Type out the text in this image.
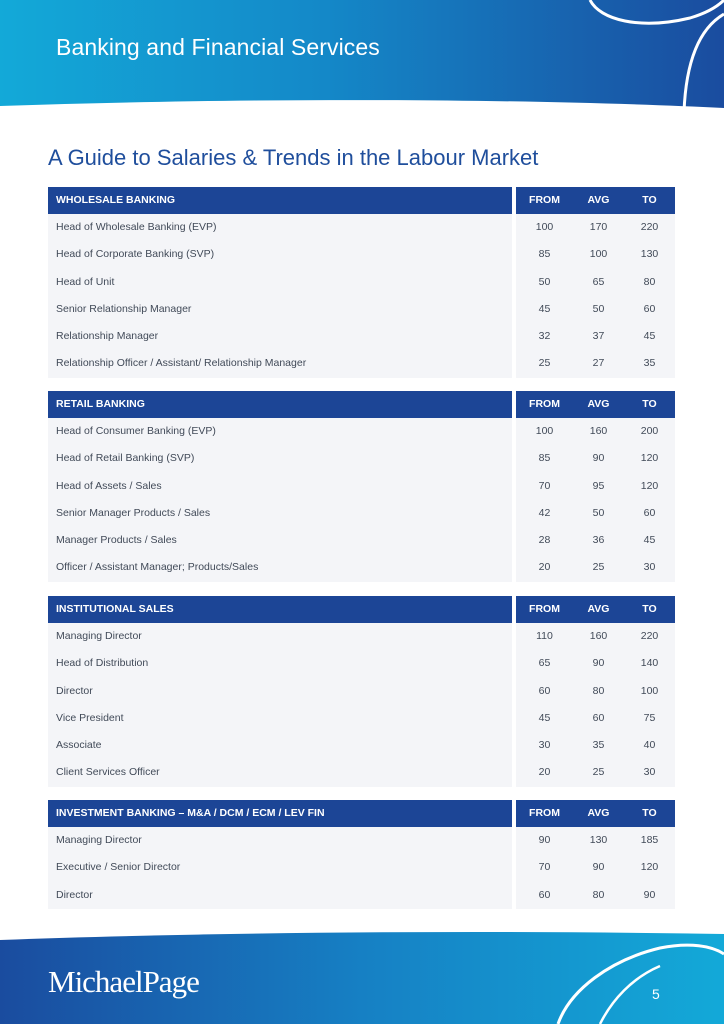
Banking and Financial Services
A Guide to Salaries & Trends in the Labour Market
WHOLESALE BANKING	FROM	AVG	TO
Head of Wholesale Banking (EVP)	100	170	220
Head of Corporate Banking (SVP)	85	100	130
Head of Unit	50	65	80
Senior Relationship Manager	45	50	60
Relationship Manager	32	37	45
Relationship Officer / Assistant/ Relationship Manager	25	27	35
RETAIL BANKING	FROM	AVG	TO
Head of Consumer Banking (EVP)	100	160	200
Head of Retail Banking (SVP)	85	90	120
Head of Assets / Sales	70	95	120
Senior Manager Products / Sales	42	50	60
Manager Products / Sales	28	36	45
Officer / Assistant Manager; Products/Sales	20	25	30
INSTITUTIONAL SALES	FROM	AVG	TO
Managing Director	110	160	220
Head of Distribution	65	90	140
Director	60	80	100
Vice President	45	60	75
Associate	30	35	40
Client Services Officer	20	25	30
INVESTMENT BANKING – M&A / DCM / ECM / LEV FIN	FROM	AVG	TO
Managing Director	90	130	185
Executive / Senior Director	70	90	120
Director	60	80	90
MichaelPage	5
